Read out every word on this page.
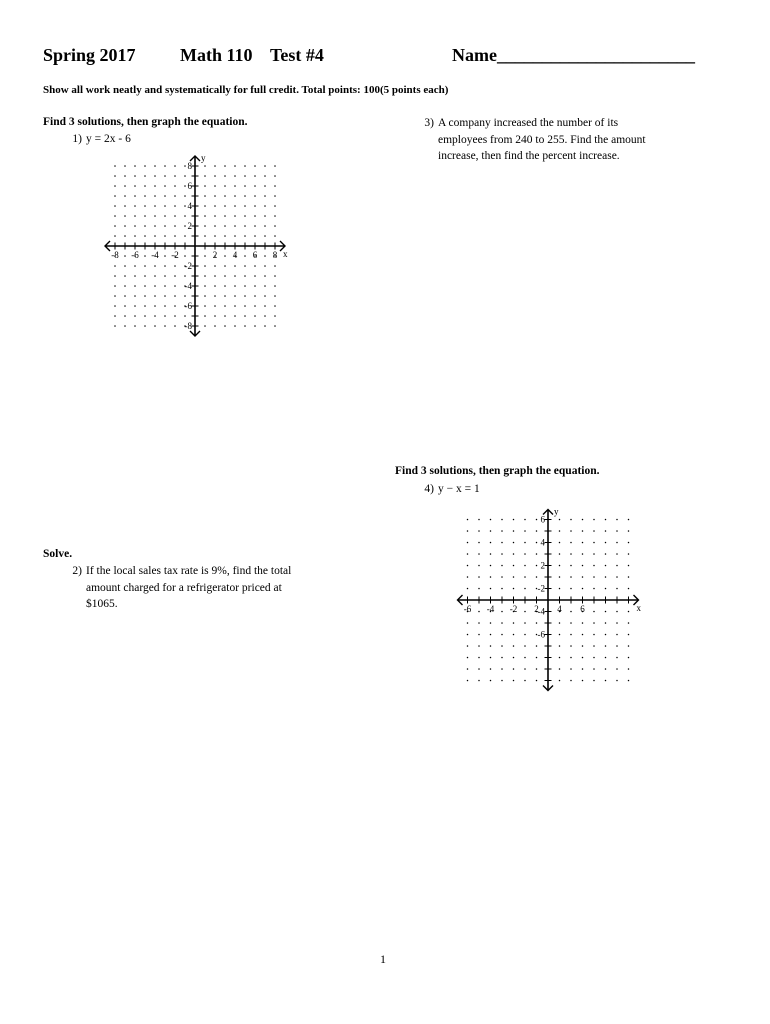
Spring 2017 Math 110 Test #4	Name______________________
Show all work neatly and systematically for full credit. Total points: 100(5 points each)
Find 3 solutions, then graph the equation.
1) y = 2x - 6
3) A company increased the number of its
employees from 240 to 255. Find the amount
increase, then find the percent increase.
-8 -6 -4 -2	2 4 6 8
8
6
4
2
-2
-4
-6
-8
x
y
Find 3 solutions, then graph the equation.
4) y − x = 1
-6 -4 -2 2 4 6
6
4
2
-2
-4
-6
x
y
Solve.
2) If the local sales tax rate is 9%, find the total
amount charged for a refrigerator priced at
$1065.
1
